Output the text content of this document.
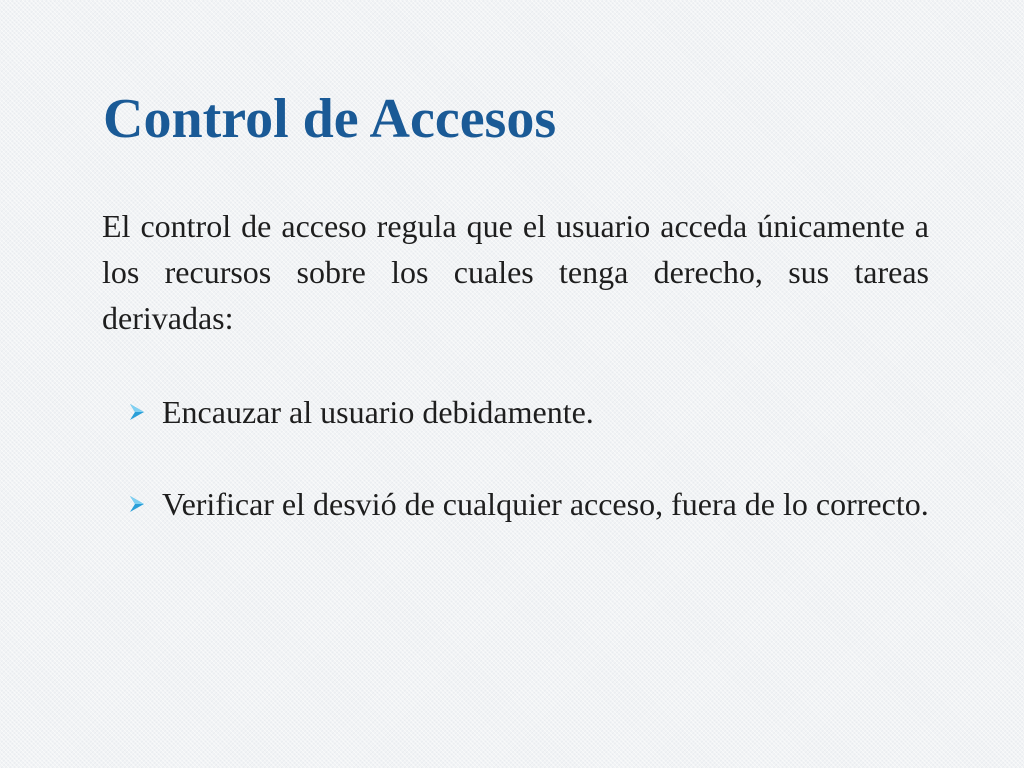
Control de Accesos

El control de acceso regula que el usuario acceda únicamente a los recursos sobre los cuales tenga derecho, sus tareas derivadas:

Encauzar al usuario debidamente.
Verificar el desvió de cualquier acceso, fuera de lo correcto.
